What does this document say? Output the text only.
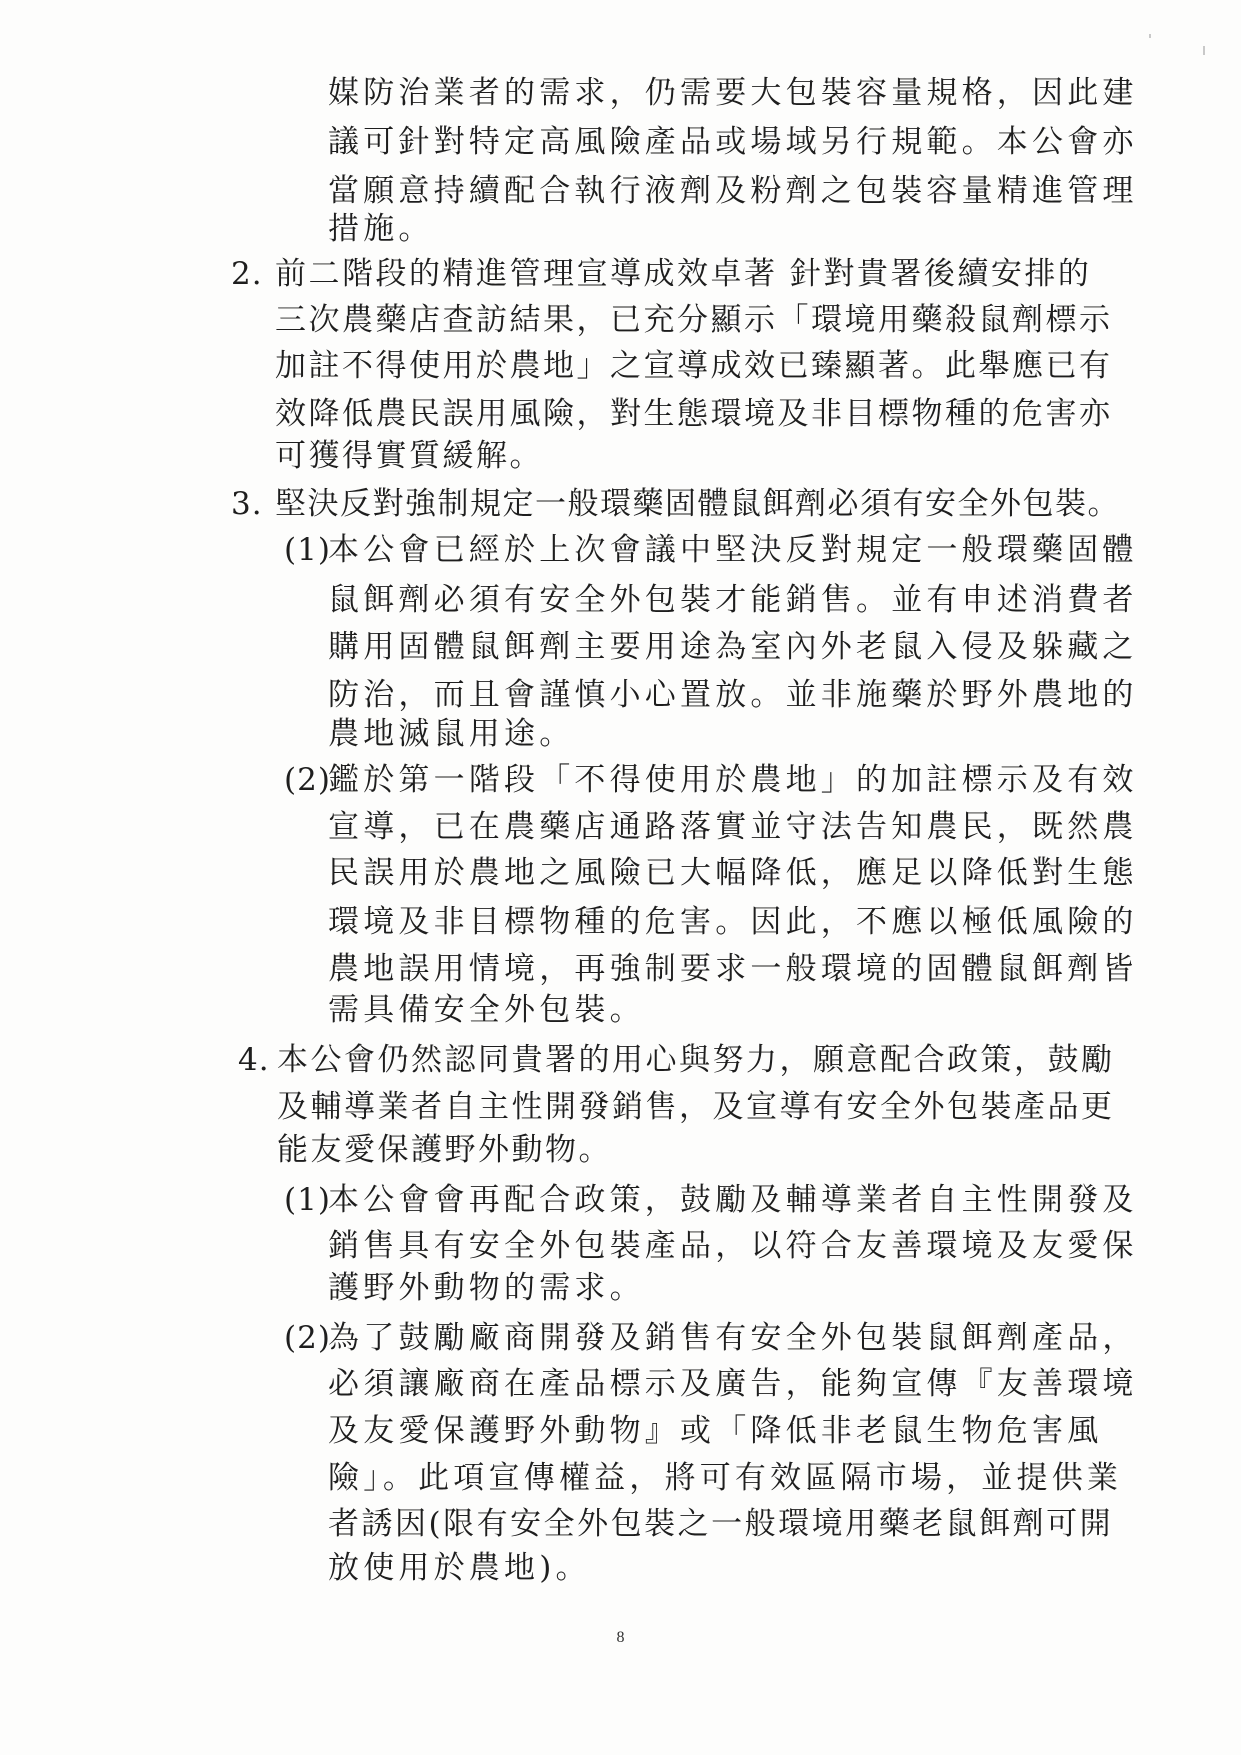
媒防治業者的需求，仍需要大包裝容量規格，因此建
議可針對特定高風險產品或場域另行規範。本公會亦
當願意持續配合執行液劑及粉劑之包裝容量精進管理
措施。
2. 前二階段的精進管理宣導成效卓著 針對貴署後續安排的
三次農藥店查訪結果，已充分顯示「環境用藥殺鼠劑標示
加註不得使用於農地」之宣導成效已臻顯著。此舉應已有
效降低農民誤用風險，對生態環境及非目標物種的危害亦
可獲得實質緩解。
3. 堅決反對強制規定一般環藥固體鼠餌劑必須有安全外包裝。
(1)
本公會已經於上次會議中堅決反對規定一般環藥固體
鼠餌劑必須有安全外包裝才能銷售。並有申述消費者
購用固體鼠餌劑主要用途為室內外老鼠入侵及躲藏之
防治，而且會謹慎小心置放。並非施藥於野外農地的
農地滅鼠用途。
(2)
鑑於第一階段「不得使用於農地」的加註標示及有效
宣導，已在農藥店通路落實並守法告知農民，既然農
民誤用於農地之風險已大幅降低，應足以降低對生態
環境及非目標物種的危害。因此，不應以極低風險的
農地誤用情境，再強制要求一般環境的固體鼠餌劑皆
需具備安全外包裝。
4. 本公會仍然認同貴署的用心與努力，願意配合政策，鼓勵
及輔導業者自主性開發銷售，及宣導有安全外包裝產品更
能友愛保護野外動物。
(1)
本公會會再配合政策，鼓勵及輔導業者自主性開發及
銷售具有安全外包裝產品，以符合友善環境及友愛保
護野外動物的需求。
(2)
為了鼓勵廠商開發及銷售有安全外包裝鼠餌劑產品，
必須讓廠商在產品標示及廣告，能夠宣傳『友善環境
及友愛保護野外動物』或「降低非老鼠生物危害風
險」。此項宣傳權益，將可有效區隔市場，並提供業
者誘因(限有安全外包裝之一般環境用藥老鼠餌劑可開
放使用於農地)。
8
